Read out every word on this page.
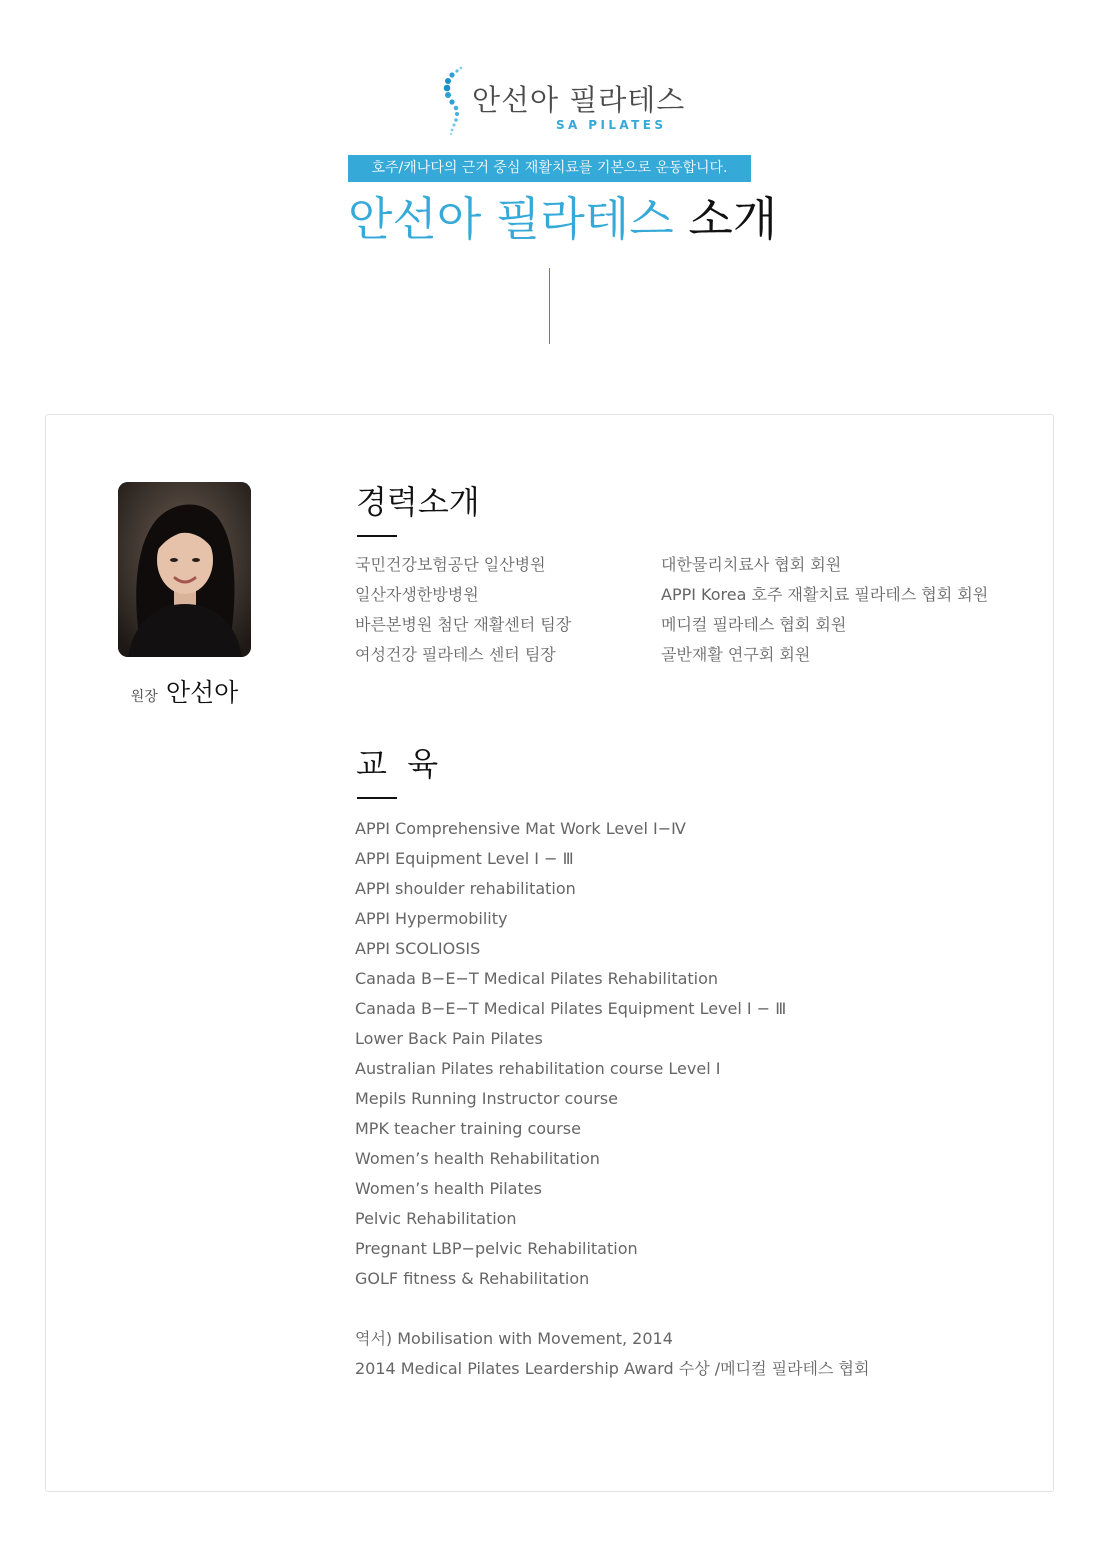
안선아 필라테스
SA PILATES
호주/캐나다의 근거 중심 재활치료를 기본으로 운동합니다.
안선아 필라테스 소개
원장 안선아
경력소개
국민건강보험공단 일산병원
일산자생한방병원
바른본병원 첨단 재활센터 팀장
여성건강 필라테스 센터 팀장
대한물리치료사 협회 회원
APPI Korea 호주 재활치료 필라테스 협회 회원
메디컬 필라테스 협회 회원
골반재활 연구회 회원
교  육
APPI Comprehensive Mat Work Level Ⅰ−Ⅳ
APPI Equipment Level Ⅰ − Ⅲ
APPI shoulder rehabilitation
APPI Hypermobility
APPI SCOLIOSIS
Canada B−E−T Medical Pilates Rehabilitation
Canada B−E−T Medical Pilates Equipment Level Ⅰ − Ⅲ
Lower Back Pain Pilates
Australian Pilates rehabilitation course Level Ⅰ
Mepils Running Instructor course
MPK teacher training course
Women’s health Rehabilitation
Women’s health Pilates
Pelvic Rehabilitation
Pregnant LBP−pelvic Rehabilitation
GOLF fitness & Rehabilitation
역서) Mobilisation with Movement, 2014
2014 Medical Pilates Leardership Award 수상 /메디컬 필라테스 협회
